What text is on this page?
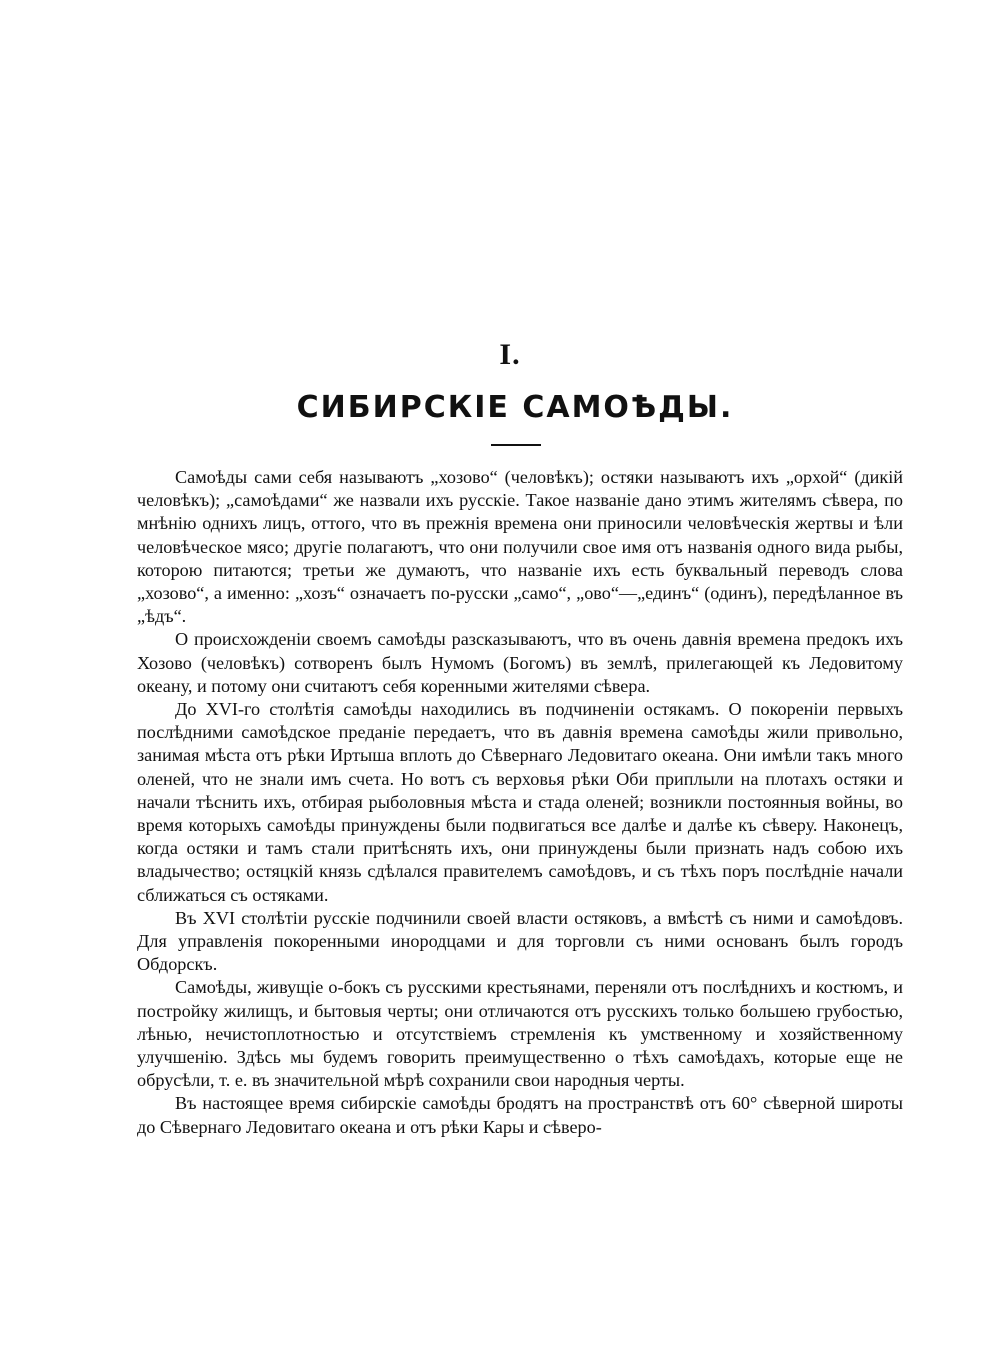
I.
СИБИРСКІЕ САМОѢДЫ.

Самоѣды сами себя называютъ „хозово“ (человѣкъ); остяки называютъ ихъ „орхой“ (дикій человѣкъ); „самоѣдами“ же назвали ихъ русскіе. Такое названіе дано этимъ жителямъ сѣвера, по мнѣнію однихъ лицъ, оттого, что въ прежнія времена они приносили человѣческія жертвы и ѣли человѣческое мясо; другіе полагаютъ, что они получили свое имя отъ названія одного вида рыбы, которою питаются; третьи же думаютъ, что названіе ихъ есть буквальный переводъ слова „хозово“, а именно: „хозъ“ означаетъ по-русски „само“, „ово“—„единъ“ (одинъ), передѣланное въ „ѣдъ“.

О происхожденіи своемъ самоѣды разсказываютъ, что въ очень давнія времена предокъ ихъ Хозово (человѣкъ) сотворенъ былъ Нумомъ (Богомъ) въ землѣ, прилегающей къ Ледовитому океану, и потому они считаютъ себя коренными жителями сѣвера.

До XVI-го столѣтія самоѣды находились въ подчиненіи остякамъ. О покореніи первыхъ послѣдними самоѣдское преданіе передаетъ, что въ давнія времена самоѣды жили привольно, занимая мѣста отъ рѣки Иртыша вплоть до Сѣвернаго Ледовитаго океана. Они имѣли такъ много оленей, что не знали имъ счета. Но вотъ съ верховья рѣки Оби приплыли на плотахъ остяки и начали тѣснить ихъ, отбирая рыболовныя мѣста и стада оленей; возникли постоянныя войны, во время которыхъ самоѣды принуждены были подвигаться все далѣе и далѣе къ сѣверу. Наконецъ, когда остяки и тамъ стали притѣснять ихъ, они принуждены были признать надъ собою ихъ владычество; остяцкій князь сдѣлался правителемъ самоѣдовъ, и съ тѣхъ поръ послѣдніе начали сближаться съ остяками.

Въ XVI столѣтіи русскіе подчинили своей власти остяковъ, а вмѣстѣ съ ними и самоѣдовъ. Для управленія покоренными инородцами и для торговли съ ними основанъ былъ городъ Обдорскъ.

Самоѣды, живущіе о-бокъ съ русскими крестьянами, переняли отъ послѣднихъ и костюмъ, и постройку жилищъ, и бытовыя черты; они отличаются отъ русскихъ только большею грубостью, лѣнью, нечистоплотностью и отсутствіемъ стремленія къ умственному и хозяйственному улучшенію. Здѣсь мы будемъ говорить преимущественно о тѣхъ самоѣдахъ, которые еще не обрусѣли, т. е. въ значительной мѣрѣ сохранили свои народныя черты.

Въ настоящее время сибирскіе самоѣды бродятъ на пространствѣ отъ 60° сѣверной широты до Сѣвернаго Ледовитаго океана и отъ рѣки Кары и сѣверо-
